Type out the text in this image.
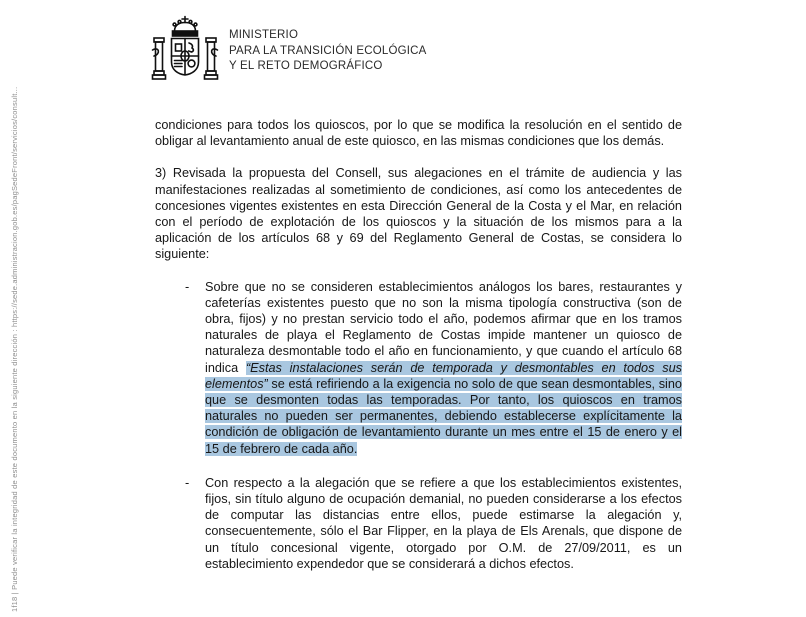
1f18 | Puede verificar la integridad de este documento en la siguiente dirección : https://sede.administracion.gob.es/pagSedeFront/servicios/consult...
MINISTERIO
PARA LA TRANSICIÓN ECOLÓGICA
Y EL RETO DEMOGRÁFICO

condiciones para todos los quioscos, por lo que se modifica la resolución en el sentido de obligar al levantamiento anual de este quiosco, en las mismas condiciones que los demás.

3) Revisada la propuesta del Consell, sus alegaciones en el trámite de audiencia y las manifestaciones realizadas al sometimiento de condiciones, así como los antecedentes de concesiones vigentes existentes en esta Dirección General de la Costa y el Mar, en relación con el período de explotación de los quioscos y la situación de los mismos para a la aplicación de los artículos 68 y 69 del Reglamento General de Costas, se considera lo siguiente:

- Sobre que no se consideren establecimientos análogos los bares, restaurantes y cafeterías existentes puesto que no son la misma tipología constructiva (son de obra, fijos) y no prestan servicio todo el año, podemos afirmar que en los tramos naturales de playa el Reglamento de Costas impide mantener un quiosco de naturaleza desmontable todo el año en funcionamiento, y que cuando el artículo 68 indica “Estas instalaciones serán de temporada y desmontables en todos sus elementos” se está refiriendo a la exigencia no solo de que sean desmontables, sino que se desmonten todas las temporadas. Por tanto, los quioscos en tramos naturales no pueden ser permanentes, debiendo establecerse explícitamente la condición de obligación de levantamiento durante un mes entre el 15 de enero y el 15 de febrero de cada año.
- Con respecto a la alegación que se refiere a que los establecimientos existentes, fijos, sin título alguno de ocupación demanial, no pueden considerarse a los efectos de computar las distancias entre ellos, puede estimarse la alegación y, consecuentemente, sólo el Bar Flipper, en la playa de Els Arenals, que dispone de un título concesional vigente, otorgado por O.M. de 27/09/2011, es un establecimiento expendedor que se considerará a dichos efectos.
